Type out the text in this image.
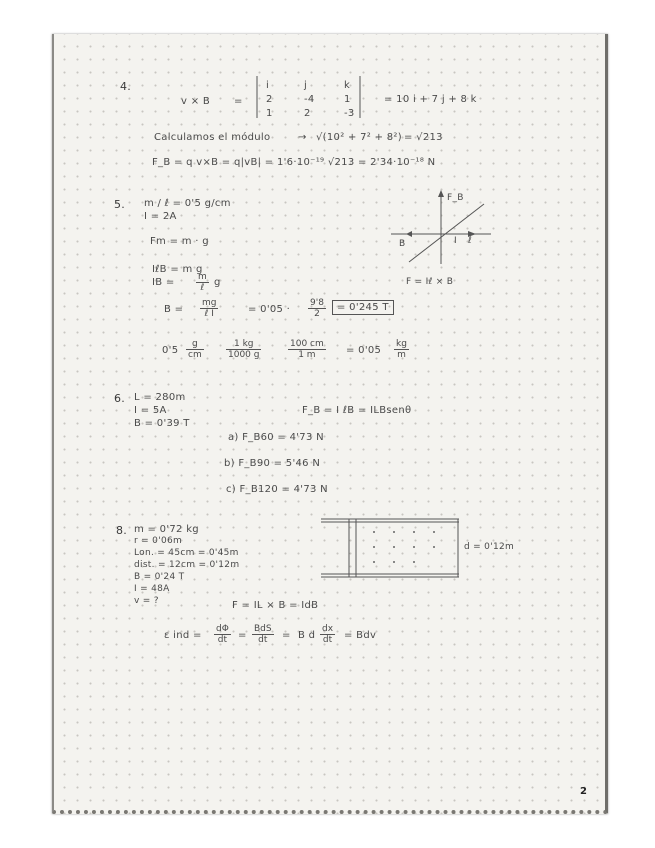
4.
v × B =
i	j	k
2	-4	1
1	2	-3
= 10 i + 7 j + 8 k
Calculamos el módulo	→ √(10² + 7² + 8²) = √213
F_B = q v×B = q|vB| = 1'6·10⁻¹⁹ √213 = 2'34·10⁻¹⁸ N
5. m / ℓ = 0'5 g/cm
I = 2A
Fm = m · g
IℓB = m g
IB =	m
ℓ g
B =
mg
ℓ I	= $0'05 \cdot \frac{9'8}{2}$	= 0'245 T
$0'5 \frac{g}{cm} \frac{1 kg}{1000 g}$	$\frac{100 cm}{1 m} = 0'05 \frac{kg}{m}$
F_B
B	I ℓ
F = Iℓ × B
6. L = 280m
I = 5A
B = 0'39 T
F_B = I ℓB = ILBsenθ
a) F_B60 = 4'73 N
b) F_B90 = 5'46 N
c) F_B120 = 4'73 N
8. m = 0'72 kg
r = 0'06m
Lon. = 45cm = 0'45m
dist. = 12cm = 0'12m
B = 0'24 T
I = 48A
v = ?
d = 0'12m
F = IL × B = IdB
ε ind = $\frac{d\Phi}{dt}$ =
BdS
dt	= B d $\frac{dx}{dt}$ = Bdv
2
